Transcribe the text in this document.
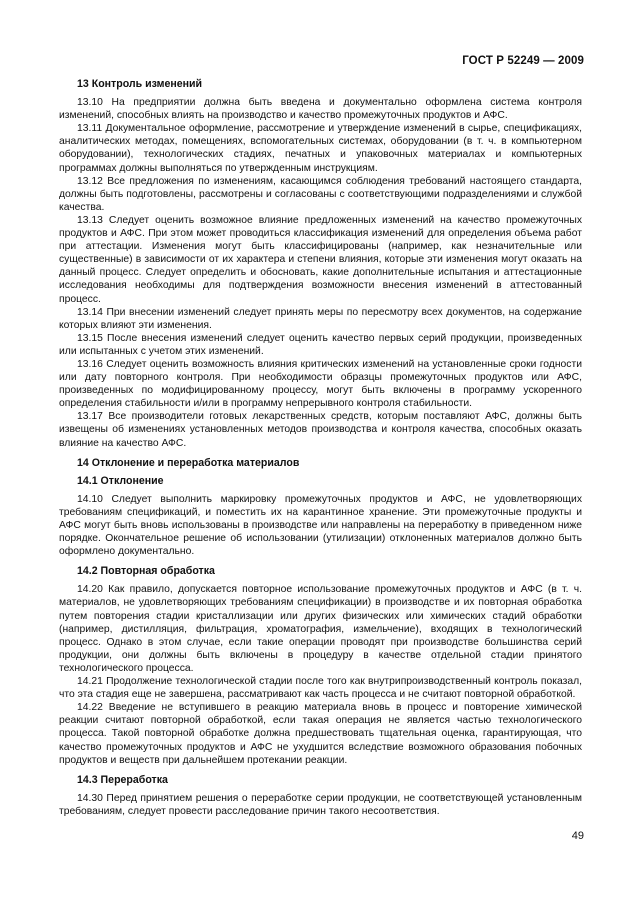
ГОСТ Р 52249 — 2009
13 Контроль изменений

13.10 На предприятии должна быть введена и документально оформлена система контроля изменений, способных влиять на производство и качество промежуточных продуктов и АФС.

13.11 Документальное оформление, рассмотрение и утверждение изменений в сырье, спецификациях, аналитических методах, помещениях, вспомогательных системах, оборудовании (в т. ч. в компьютерном оборудовании), технологических стадиях, печатных и упаковочных материалах и компьютерных программах должны выполняться по утвержденным инструкциям.

13.12 Все предложения по изменениям, касающимся соблюдения требований настоящего стандарта, должны быть подготовлены, рассмотрены и согласованы с соответствующими подразделениями и службой качества.

13.13 Следует оценить возможное влияние предложенных изменений на качество промежуточных продуктов и АФС. При этом может проводиться классификация изменений для определения объема работ при аттестации. Изменения могут быть классифицированы (например, как незначительные или существенные) в зависимости от их характера и степени влияния, которые эти изменения могут оказать на данный процесс. Следует определить и обосновать, какие дополнительные испытания и аттестационные исследования необходимы для подтверждения возможности внесения изменений в аттестованный процесс.

13.14 При внесении изменений следует принять меры по пересмотру всех документов, на содержание которых влияют эти изменения.

13.15 После внесения изменений следует оценить качество первых серий продукции, произведенных или испытанных с учетом этих изменений.

13.16 Следует оценить возможность влияния критических изменений на установленные сроки годности или дату повторного контроля. При необходимости образцы промежуточных продуктов или АФС, произведенных по модифицированному процессу, могут быть включены в программу ускоренного определения стабильности и/или в программу непрерывного контроля стабильности.

13.17 Все производители готовых лекарственных средств, которым поставляют АФС, должны быть извещены об изменениях установленных методов производства и контроля качества, способных оказать влияние на качество АФС.

14 Отклонение и переработка материалов
14.1 Отклонение

14.10 Следует выполнить маркировку промежуточных продуктов и АФС, не удовлетворяющих требованиям спецификаций, и поместить их на карантинное хранение. Эти промежуточные продукты и АФС могут быть вновь использованы в производстве или направлены на переработку в приведенном ниже порядке. Окончательное решение об использовании (утилизации) отклоненных материалов должно быть оформлено документально.

14.2 Повторная обработка

14.20 Как правило, допускается повторное использование промежуточных продуктов и АФС (в т. ч. материалов, не удовлетворяющих требованиям спецификации) в производстве и их повторная обработка путем повторения стадии кристаллизации или других физических или химических стадий обработки (например, дистилляция, фильтрация, хроматография, измельчение), входящих в технологический процесс. Однако в этом случае, если такие операции проводят при производстве большинства серий продукции, они должны быть включены в процедуру в качестве отдельной стадии принятого технологического процесса.

14.21 Продолжение технологической стадии после того как внутрипроизводственный контроль показал, что эта стадия еще не завершена, рассматривают как часть процесса и не считают повторной обработкой.

14.22 Введение не вступившего в реакцию материала вновь в процесс и повторение химической реакции считают повторной обработкой, если такая операция не является частью технологического процесса. Такой повторной обработке должна предшествовать тщательная оценка, гарантирующая, что качество промежуточных продуктов и АФС не ухудшится вследствие возможного образования побочных продуктов и веществ при дальнейшем протекании реакции.

14.3 Переработка

14.30 Перед принятием решения о переработке серии продукции, не соответствующей установленным требованиям, следует провести расследование причин такого несоответствия.

49
